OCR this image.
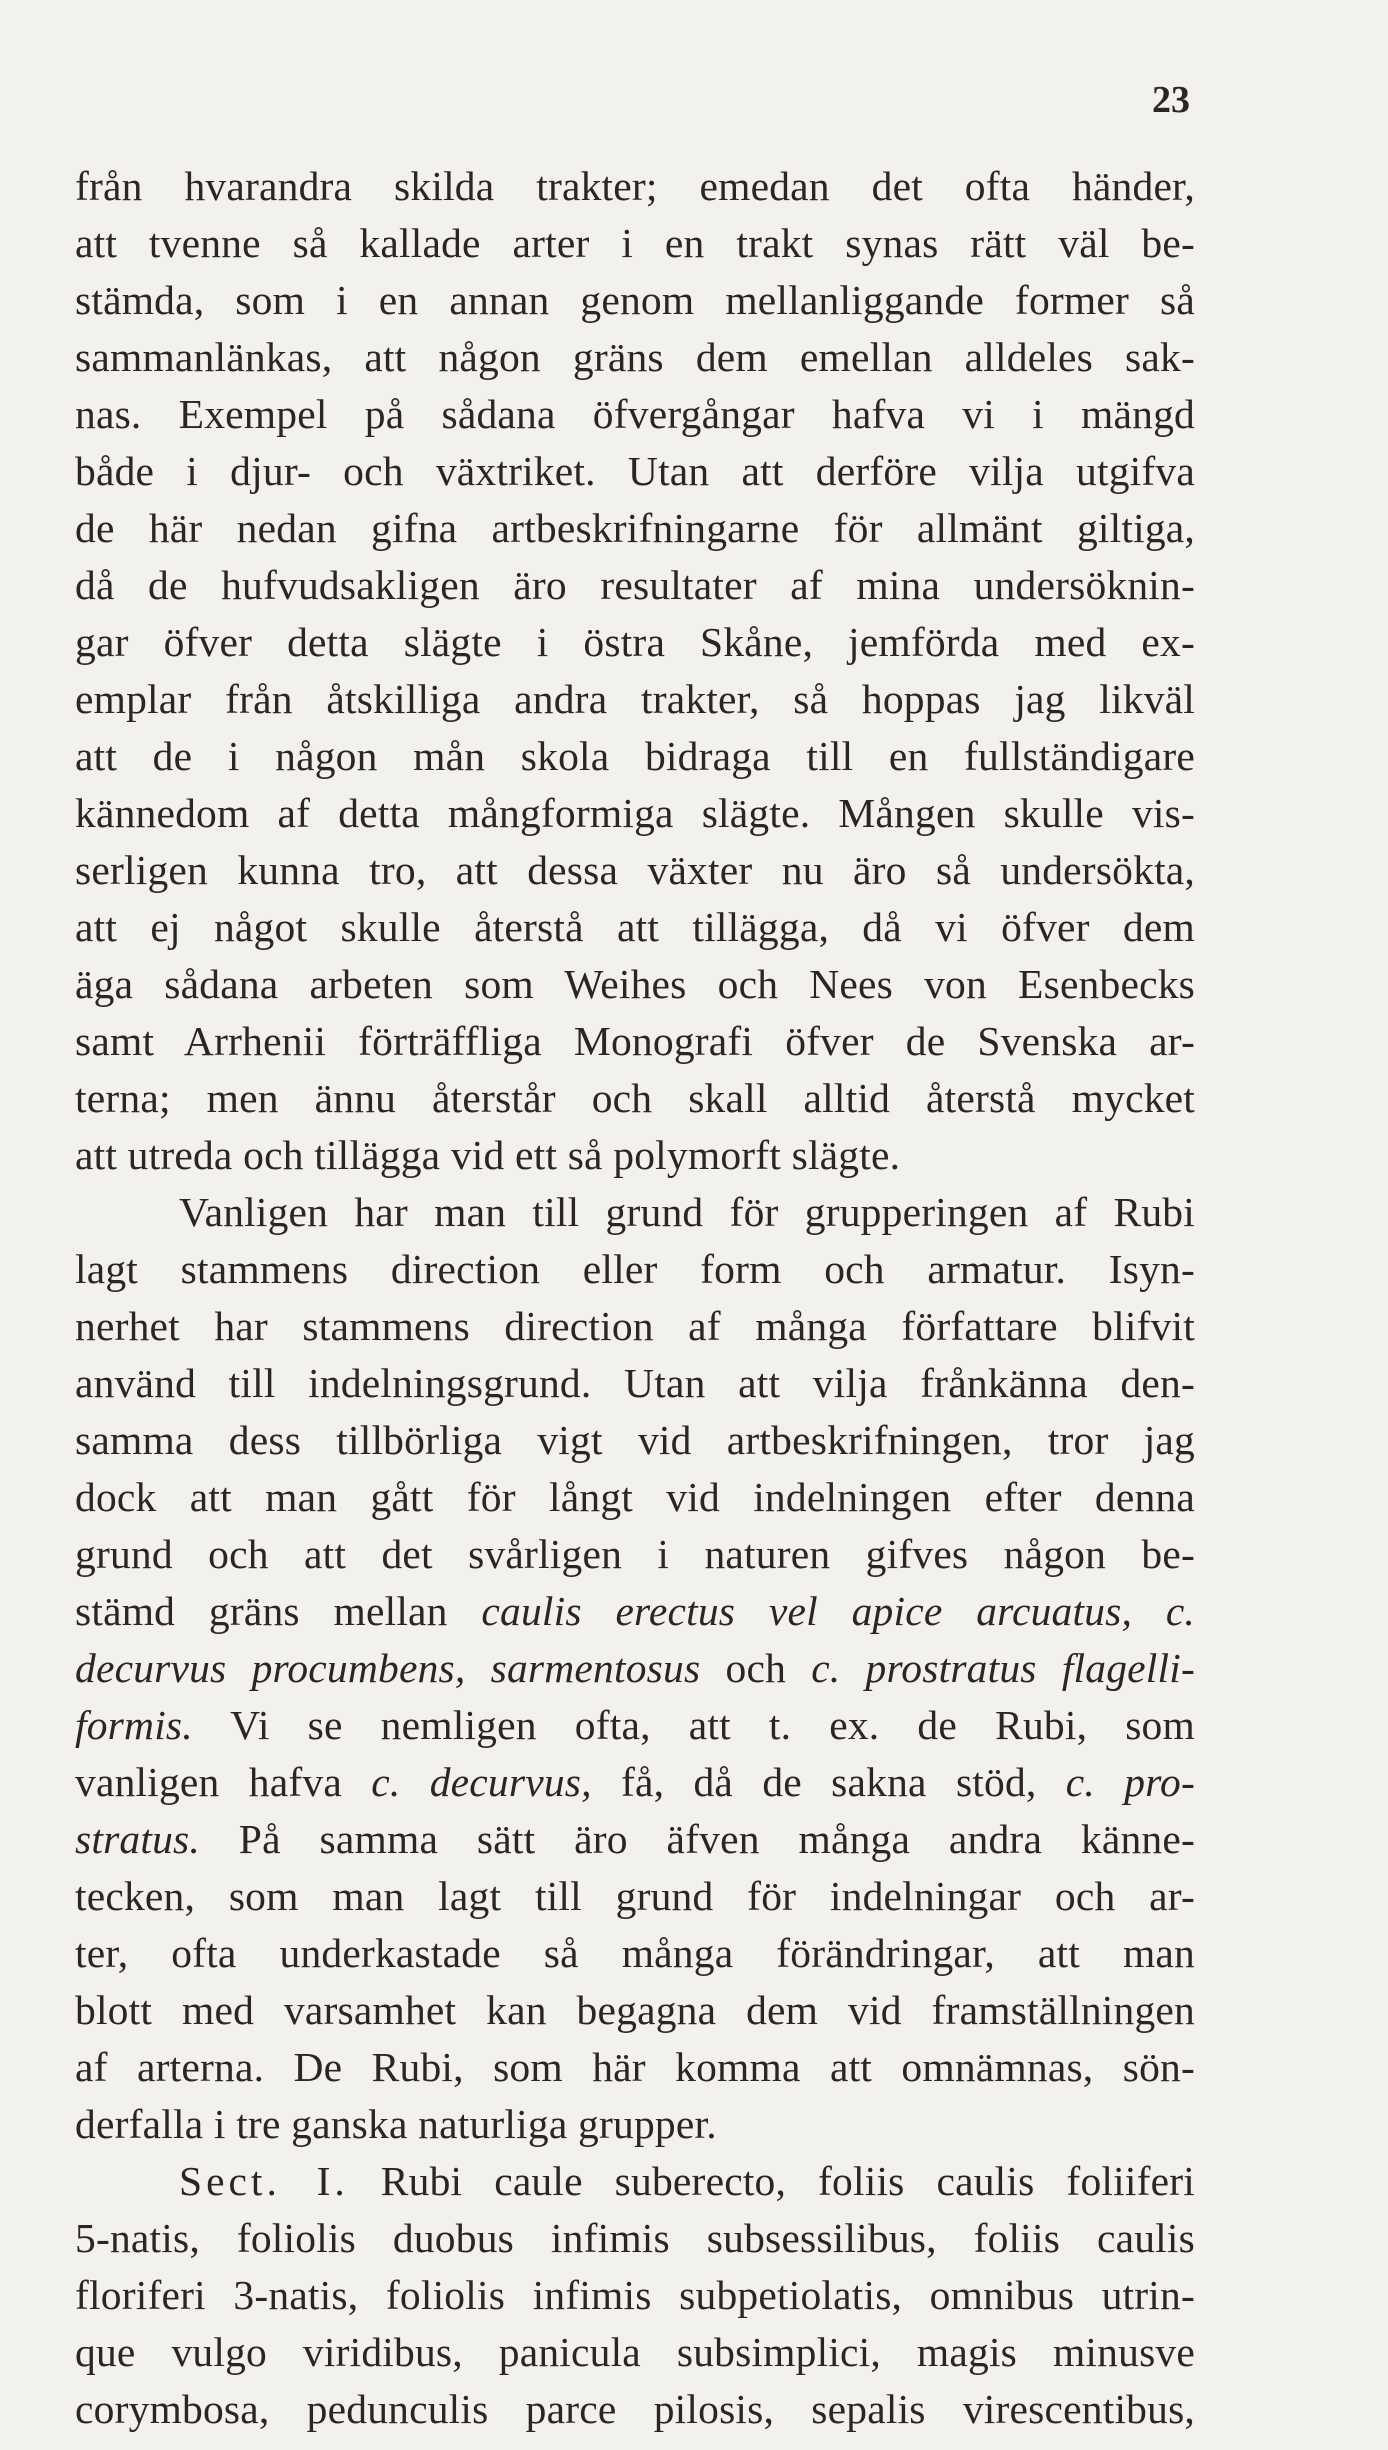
23
från hvarandra skilda trakter; emedan det ofta händer,
att tvenne så kallade arter i en trakt synas rätt väl be-
stämda, som i en annan genom mellanliggande former så
sammanlänkas, att någon gräns dem emellan alldeles sak-
nas. Exempel på sådana öfvergångar hafva vi i mängd
både i djur- och växtriket. Utan att derföre vilja utgifva
de här nedan gifna artbeskrifningarne för allmänt giltiga,
då de hufvudsakligen äro resultater af mina undersöknin-
gar öfver detta slägte i östra Skåne, jemförda med ex-
emplar från åtskilliga andra trakter, så hoppas jag likväl
att de i någon mån skola bidraga till en fullständigare
kännedom af detta mångformiga slägte. Mången skulle vis-
serligen kunna tro, att dessa växter nu äro så undersökta,
att ej något skulle återstå att tillägga, då vi öfver dem
äga sådana arbeten som Weihes och Nees von Esenbecks
samt Arrhenii förträffliga Monografi öfver de Svenska ar-
terna; men ännu återstår och skall alltid återstå mycket
att utreda och tillägga vid ett så polymorft slägte.
Vanligen har man till grund för grupperingen af Rubi
lagt stammens direction eller form och armatur. Isyn-
nerhet har stammens direction af många författare blifvit
använd till indelningsgrund. Utan att vilja frånkänna den-
samma dess tillbörliga vigt vid artbeskrifningen, tror jag
dock att man gått för långt vid indelningen efter denna
grund och att det svårligen i naturen gifves någon be-
stämd gräns mellan caulis erectus vel apice arcuatus, c.
decurvus procumbens, sarmentosus och c. prostratus flagelli-
formis. Vi se nemligen ofta, att t. ex. de Rubi, som
vanligen hafva c. decurvus, få, då de sakna stöd, c. pro-
stratus. På samma sätt äro äfven många andra känne-
tecken, som man lagt till grund för indelningar och ar-
ter, ofta underkastade så många förändringar, att man
blott med varsamhet kan begagna dem vid framställningen
af arterna. De Rubi, som här komma att omnämnas, sön-
derfalla i tre ganska naturliga grupper.
Sect. I. Rubi caule suberecto, foliis caulis foliiferi
5-natis, foliolis duobus infimis subsessilibus, foliis caulis
floriferi 3-natis, foliolis infimis subpetiolatis, omnibus utrin-
que vulgo viridibus, panicula subsimplici, magis minusve
corymbosa, pedunculis parce pilosis, sepalis virescentibus,
